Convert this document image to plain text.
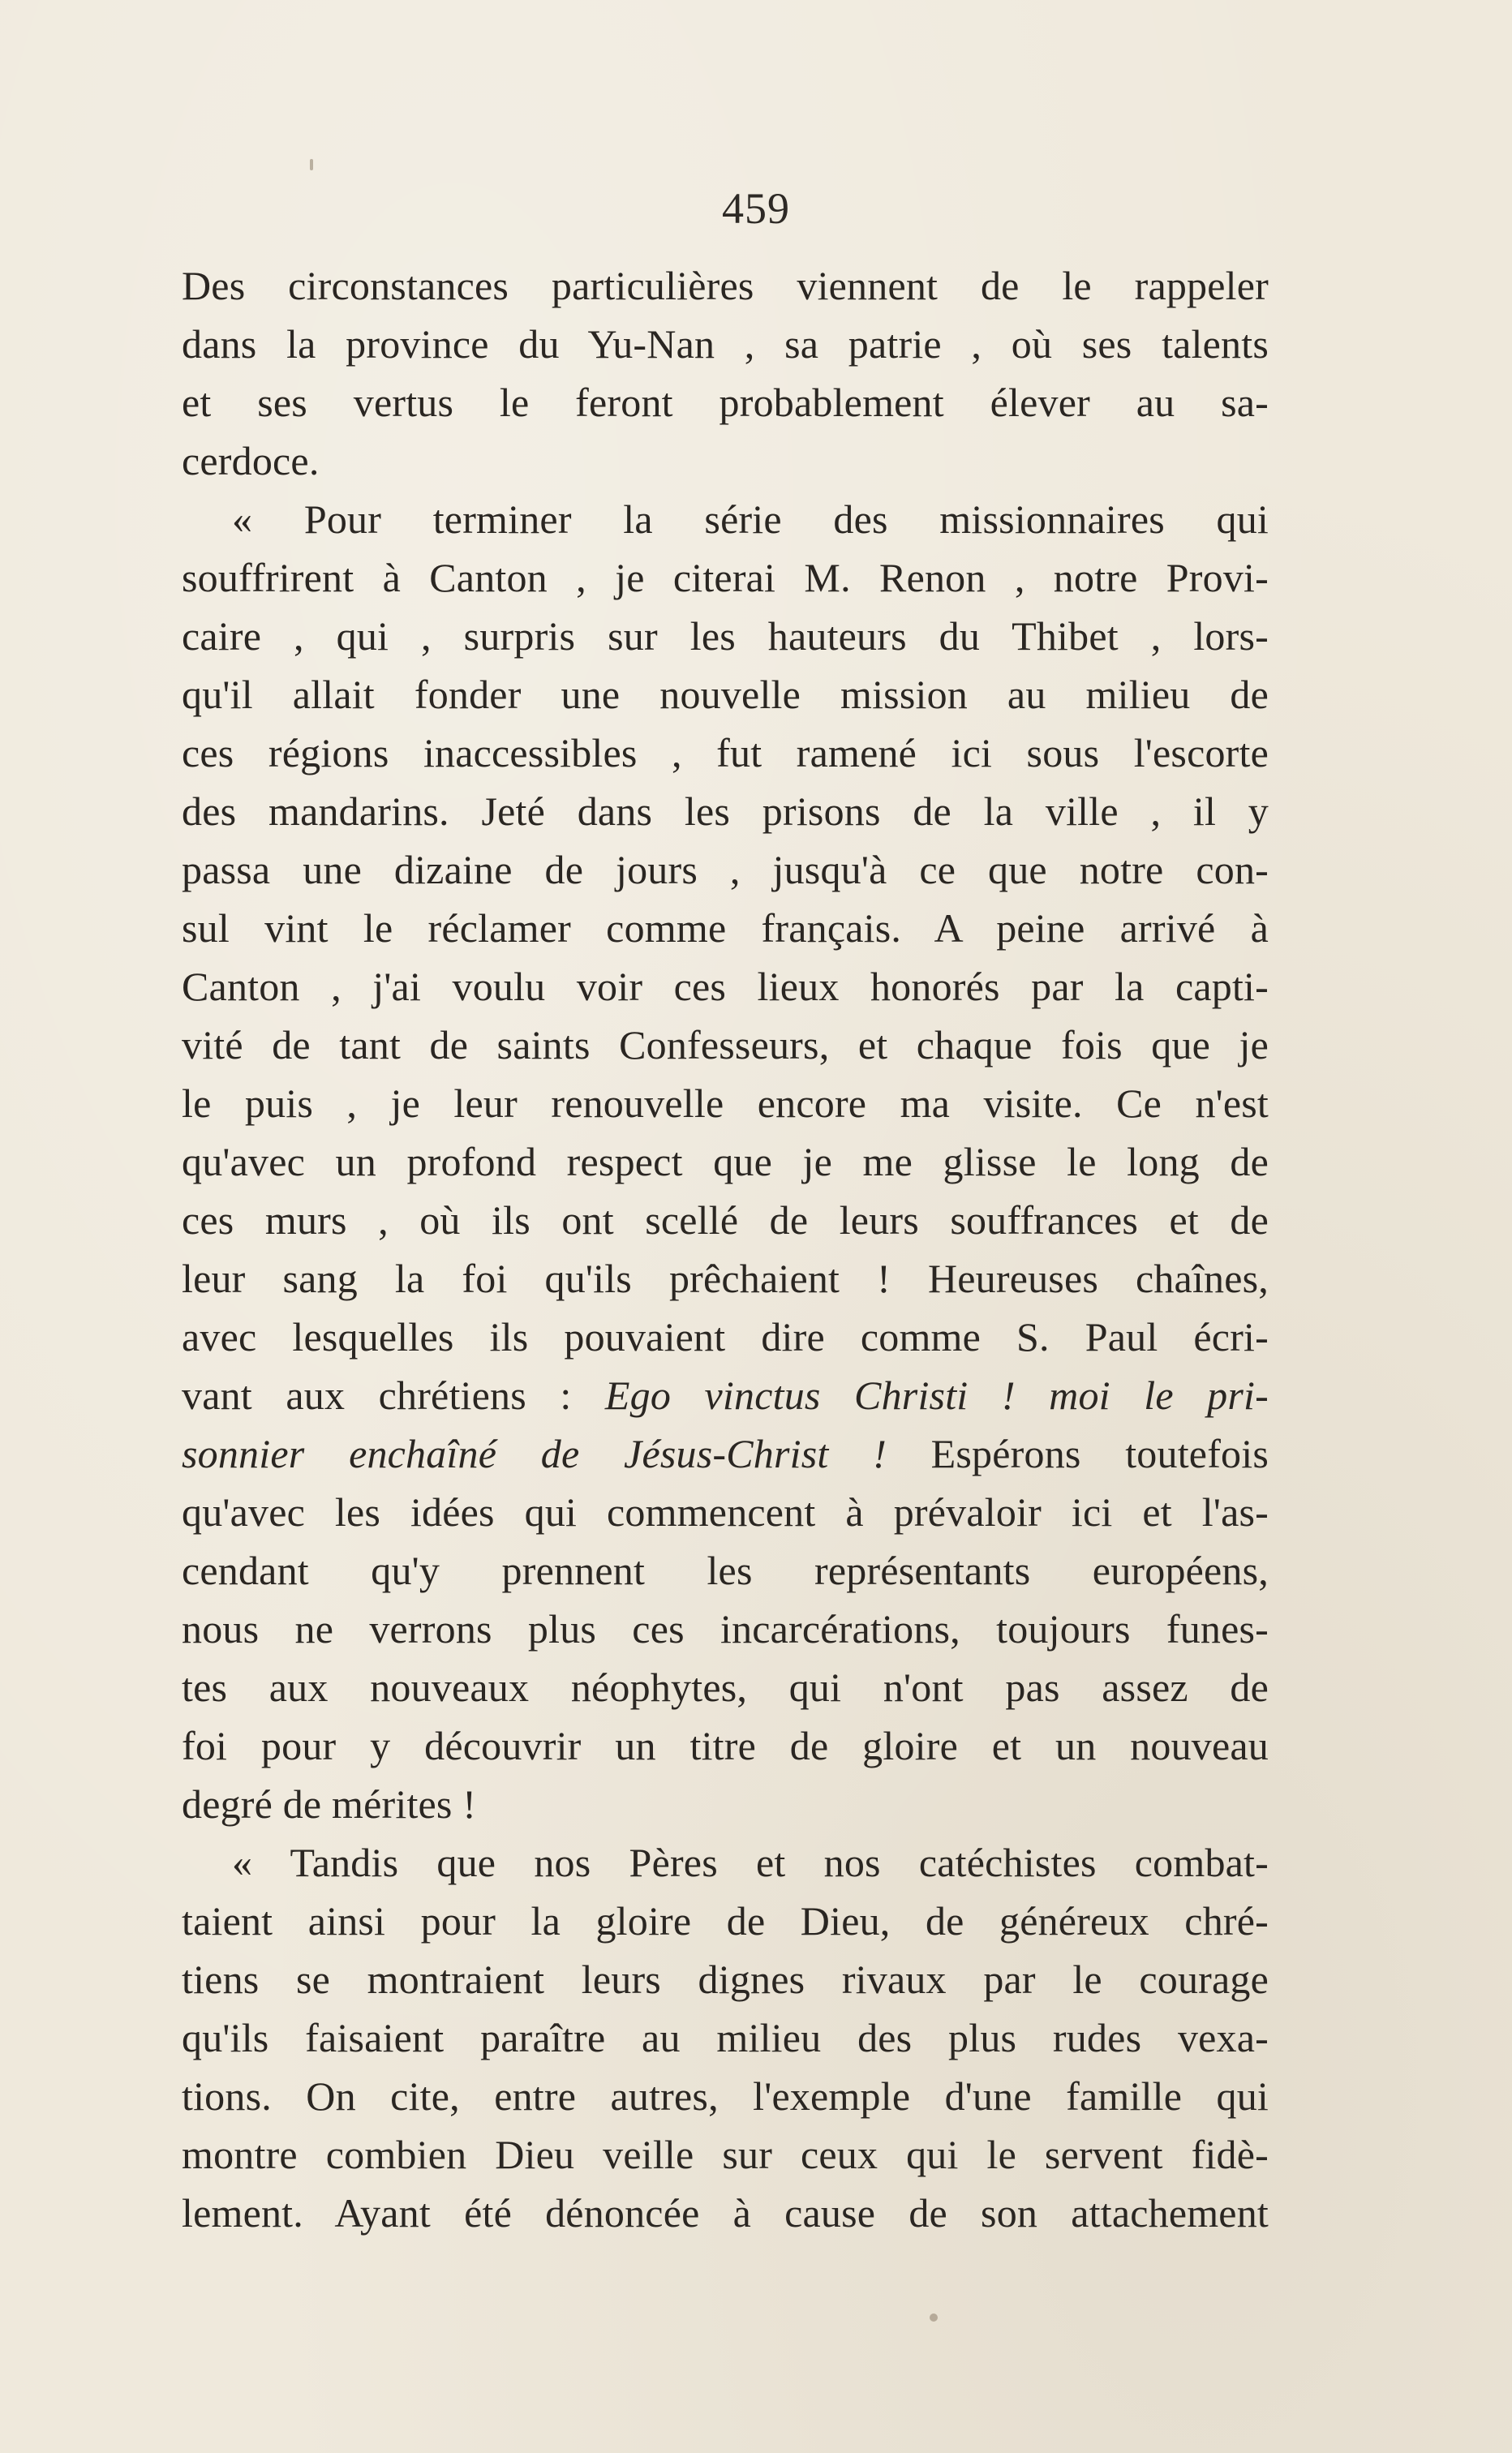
459
Des circonstances particulières viennent de le rappeler
dans la province du Yu-Nan , sa patrie , où ses talents
et ses vertus le feront probablement élever au sa-
cerdoce.
« Pour terminer la série des missionnaires qui
souffrirent à Canton , je citerai M. Renon , notre Provi-
caire , qui , surpris sur les hauteurs du Thibet , lors-
qu'il allait fonder une nouvelle mission au milieu de
ces régions inaccessibles , fut ramené ici sous l'escorte
des mandarins. Jeté dans les prisons de la ville , il y
passa une dizaine de jours , jusqu'à ce que notre con-
sul vint le réclamer comme français. A peine arrivé à
Canton , j'ai voulu voir ces lieux honorés par la capti-
vité de tant de saints Confesseurs, et chaque fois que je
le puis , je leur renouvelle encore ma visite. Ce n'est
qu'avec un profond respect que je me glisse le long de
ces murs , où ils ont scellé de leurs souffrances et de
leur sang la foi qu'ils prêchaient ! Heureuses chaînes,
avec lesquelles ils pouvaient dire comme S. Paul écri-
vant aux chrétiens : Ego vinctus Christi ! moi le pri-
sonnier enchaîné de Jésus-Christ ! Espérons toutefois
qu'avec les idées qui commencent à prévaloir ici et l'as-
cendant qu'y prennent les représentants européens,
nous ne verrons plus ces incarcérations, toujours funes-
tes aux nouveaux néophytes, qui n'ont pas assez de
foi pour y découvrir un titre de gloire et un nouveau
degré de mérites !
« Tandis que nos Pères et nos catéchistes combat-
taient ainsi pour la gloire de Dieu, de généreux chré-
tiens se montraient leurs dignes rivaux par le courage
qu'ils faisaient paraître au milieu des plus rudes vexa-
tions. On cite, entre autres, l'exemple d'une famille qui
montre combien Dieu veille sur ceux qui le servent fidè-
lement. Ayant été dénoncée à cause de son attachement
